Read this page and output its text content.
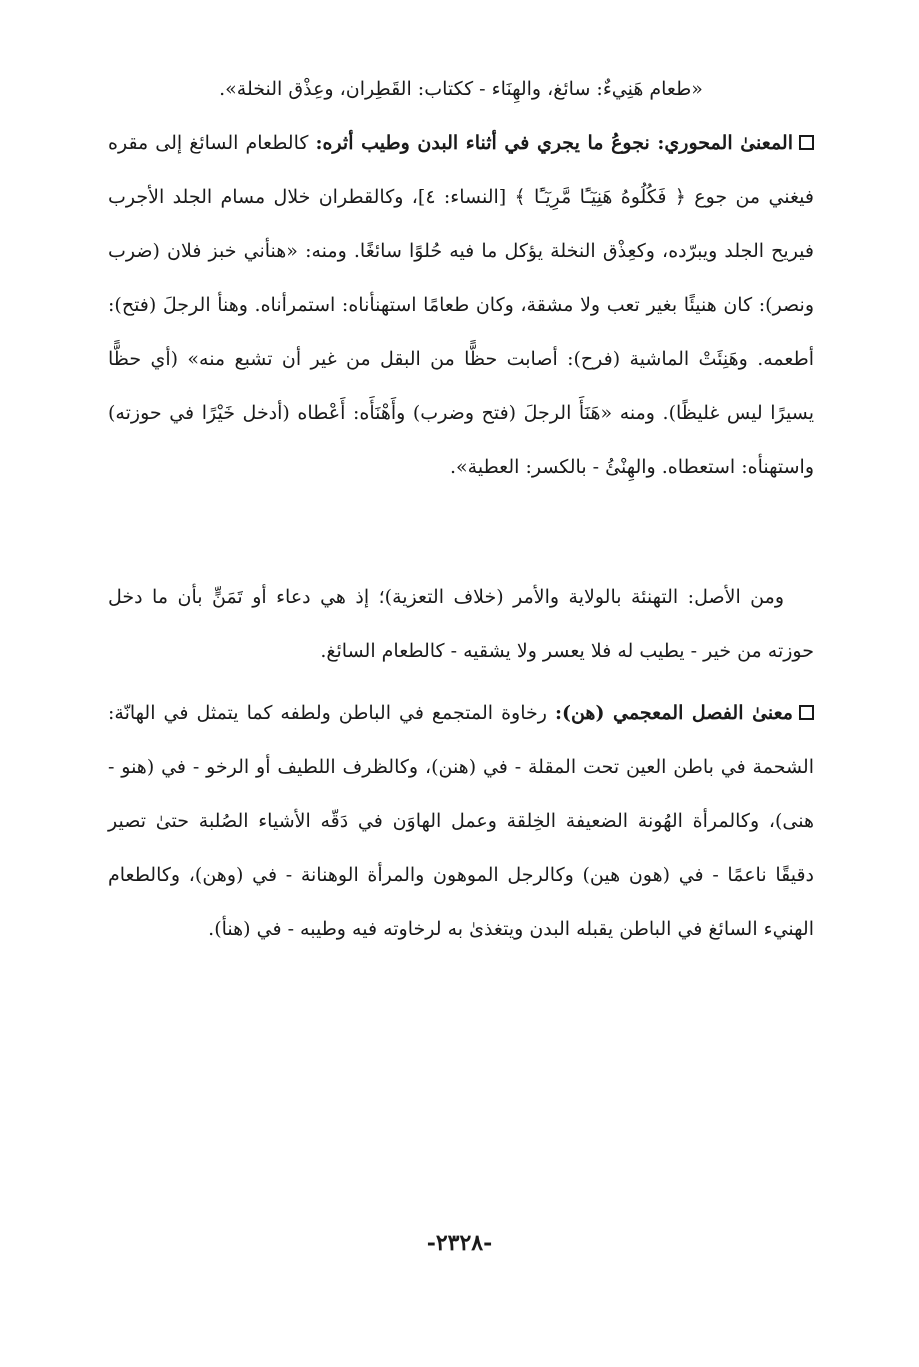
«طعام هَنِيءٌ: سائغ، والهِنَاء - ككتاب: القَطِران، وعِذْق النخلة».

المعنىٰ المحوري: نجوعُ ما يجري في أثناء البدن وطيب أثره: كالطعام السائغ إلى مقره فيغني من جوع ﴿ فَكُلُوهُ هَنِيٓـًٔا مَّرِيٓـًٔا ﴾ [النساء: ٤]، وكالقطران خلال مسام الجلد الأجرب فيريح الجلد ويبرّده، وكعِذْق النخلة يؤكل ما فيه حُلوًا سائغًا. ومنه: «هنأني خبز فلان (ضرب ونصر): كان هنيئًا بغير تعب ولا مشقة، وكان طعامًا استهنأناه: استمرأناه. وهنأ الرجلَ (فتح): أطعمه. وهَنِئَتْ الماشية (فرح): أصابت حظًّا من البقل من غير أن تشبع منه» (أي حظًّا يسيرًا ليس غليظًا). ومنه «هَنَأَ الرجلَ (فتح وضرب) وأَهْنَأَه: أَعْطاه (أدخل خَيْرًا في حوزته) واستهنأه: استعطاه. والهِنْئُ - بالكسر: العطية».

ومن الأصل: التهنئة بالولاية والأمر (خلاف التعزية)؛ إذ هي دعاء أو تَمَنٍّ بأن ما دخل حوزته من خير - يطيب له فلا يعسر ولا يشقيه - كالطعام السائغ.

معنىٰ الفصل المعجمي (هن): رخاوة المتجمع في الباطن ولطفه كما يتمثل في الهانّة: الشحمة في باطن العين تحت المقلة - في (هنن)، وكالظرف اللطيف أو الرخو - في (هنو - هنى)، وكالمرأة الهُونة الضعيفة الخِلقة وعمل الهاوَن في دَقّه الأشياء الصُلبة حتىٰ تصير دقيقًا ناعمًا - في (هون هين) وكالرجل الموهون والمرأة الوهنانة - في (وهن)، وكالطعام الهنيء السائغ في الباطن يقبله البدن ويتغذىٰ به لرخاوته فيه وطيبه - في (هنأ).

-٢٣٢٨-
